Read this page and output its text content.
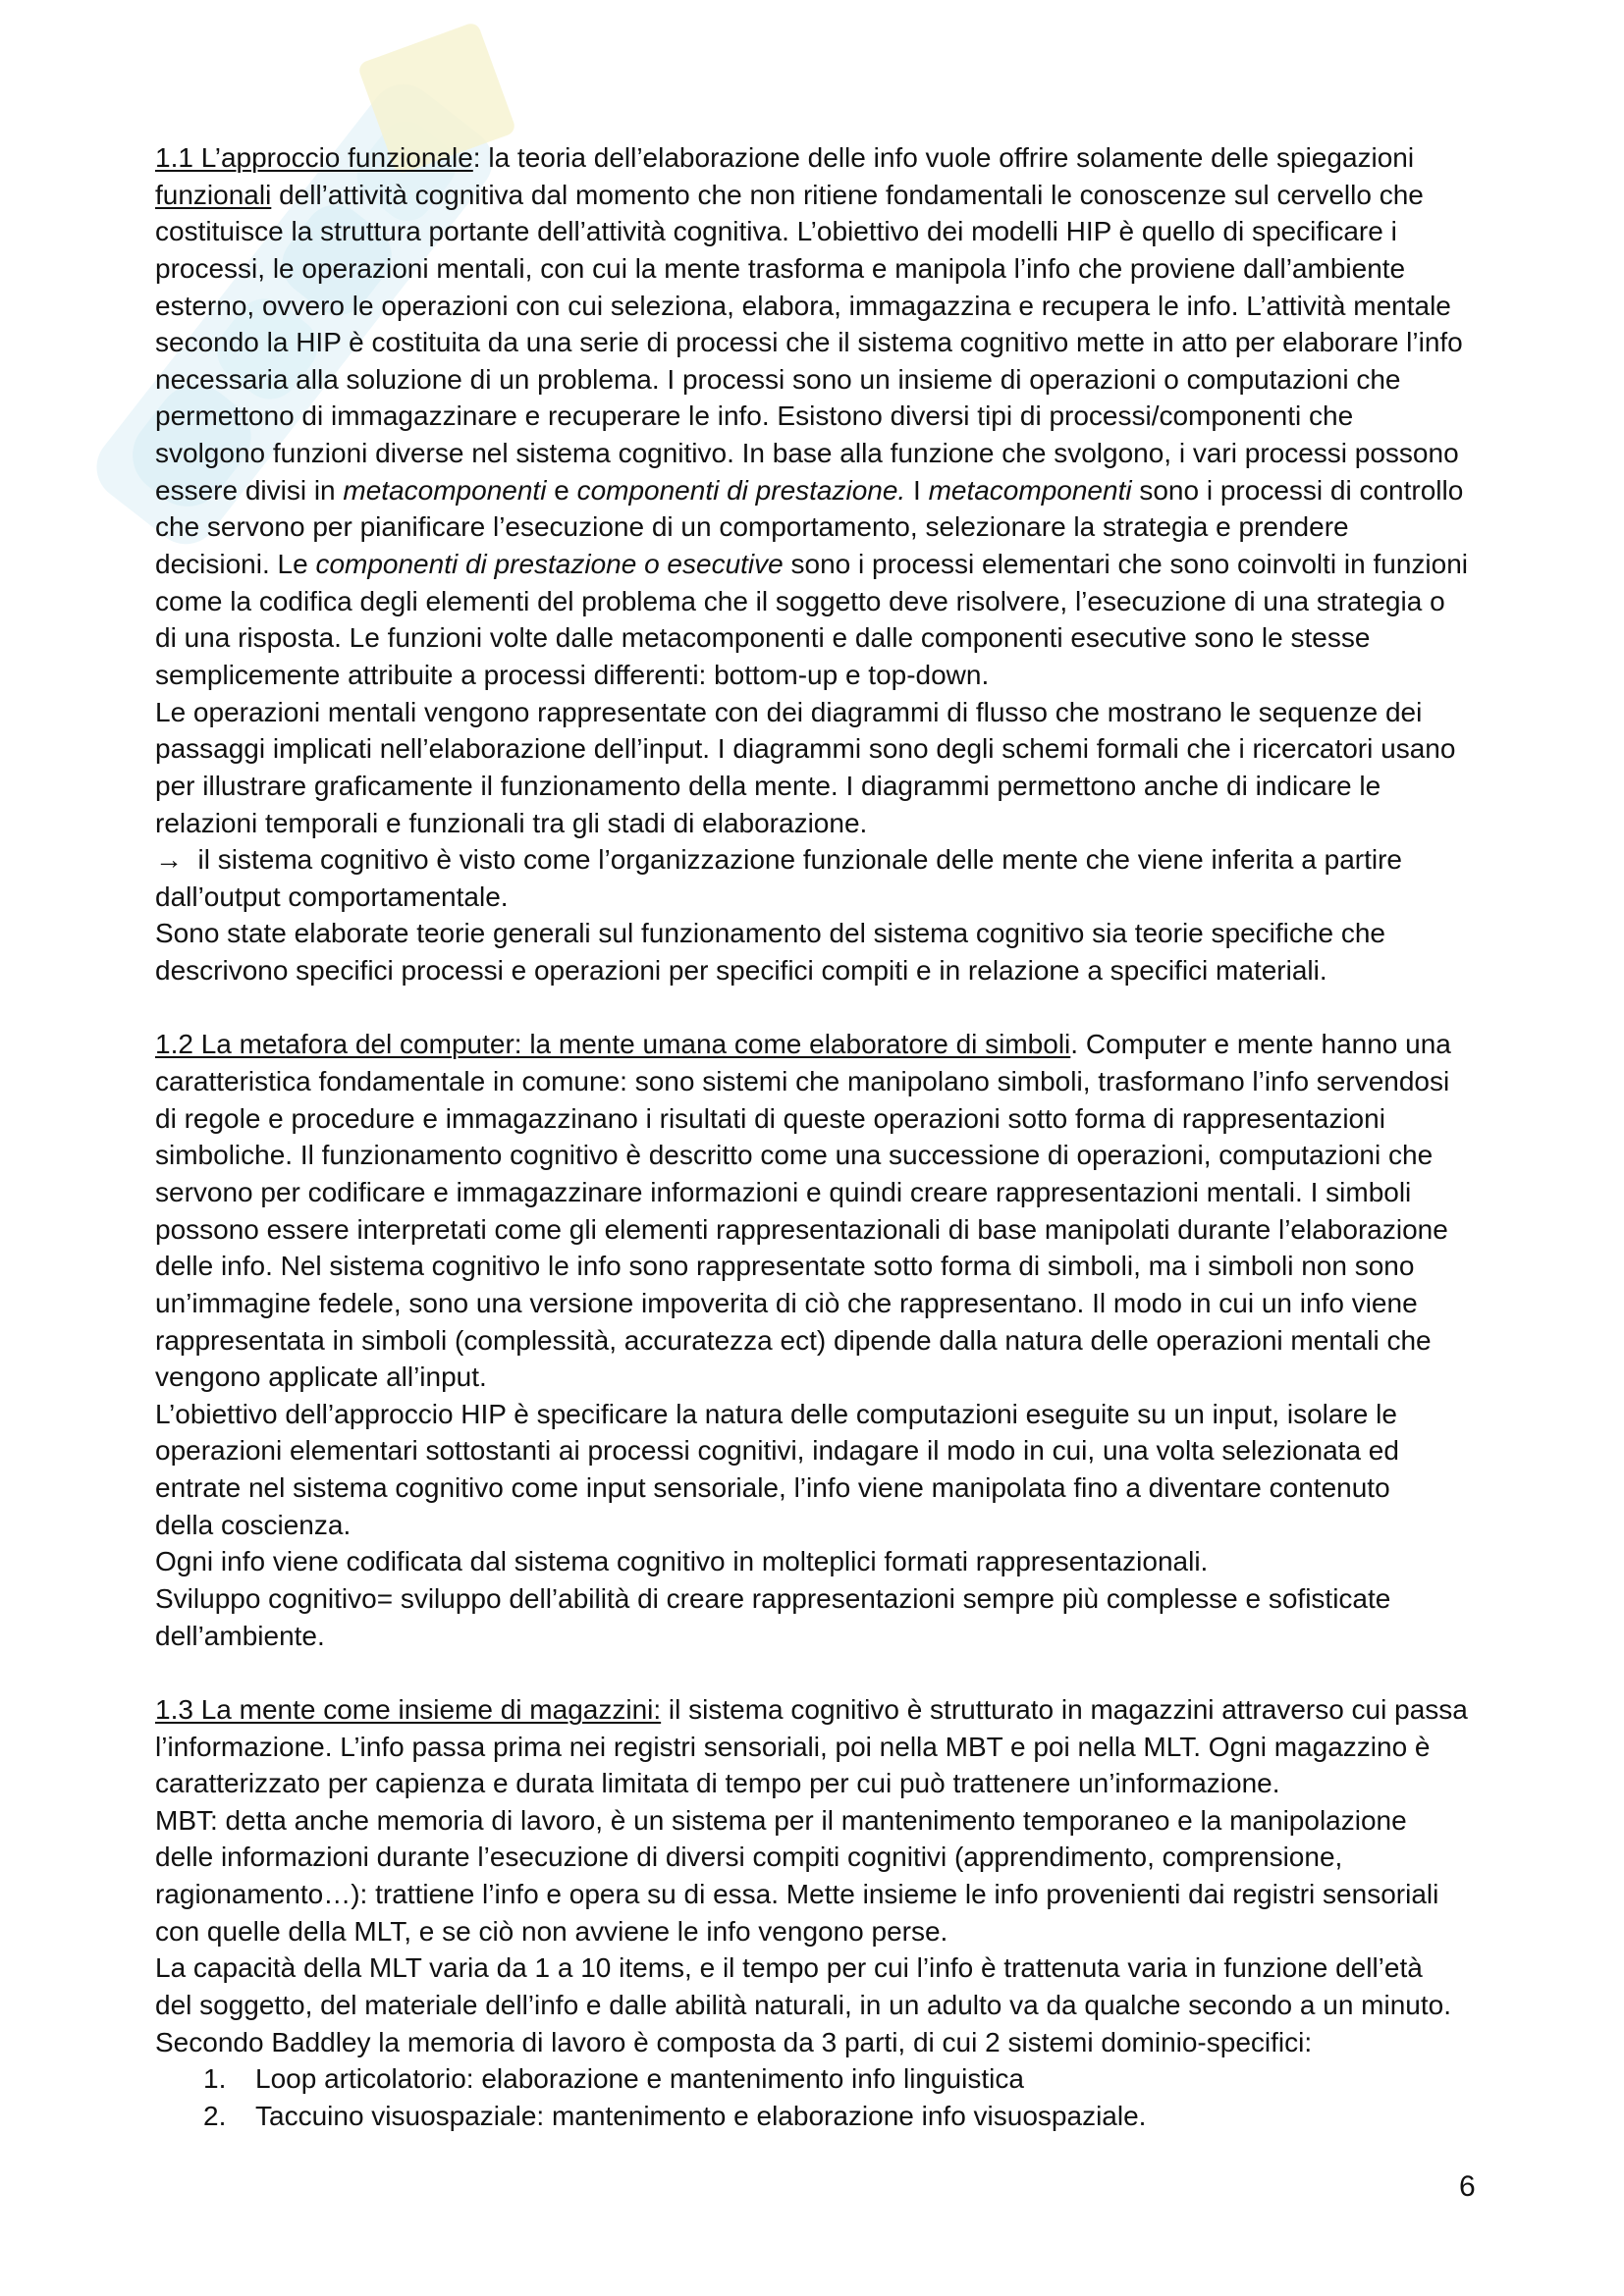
1.1 L’approccio funzionale: la teoria dell’elaborazione delle info vuole offrire solamente delle spiegazioni
funzionali dell’attività cognitiva dal momento che non ritiene fondamentali le conoscenze sul cervello che
costituisce la struttura portante dell’attività cognitiva. L’obiettivo dei modelli HIP è quello di specificare i
processi, le operazioni mentali, con cui la mente trasforma e manipola l’info che proviene dall’ambiente
esterno, ovvero le operazioni con cui seleziona, elabora, immagazzina e recupera le info. L’attività mentale
secondo la HIP è costituita da una serie di processi che il sistema cognitivo mette in atto per elaborare l’info
necessaria alla soluzione di un problema. I processi sono un insieme di operazioni o computazioni che
permettono di immagazzinare e recuperare le info. Esistono diversi tipi di processi/componenti che
svolgono funzioni diverse nel sistema cognitivo. In base alla funzione che svolgono, i vari processi possono
essere divisi in metacomponenti e componenti di prestazione. I metacomponenti sono i processi di controllo
che servono per pianificare l’esecuzione di un comportamento, selezionare la strategia e prendere
decisioni. Le componenti di prestazione o esecutive sono i processi elementari che sono coinvolti in funzioni
come la codifica degli elementi del problema che il soggetto deve risolvere, l’esecuzione di una strategia o
di una risposta. Le funzioni volte dalle metacomponenti e dalle componenti esecutive sono le stesse
semplicemente attribuite a processi differenti: bottom-up e top-down.
Le operazioni mentali vengono rappresentate con dei diagrammi di flusso che mostrano le sequenze dei
passaggi implicati nell’elaborazione dell’input. I diagrammi sono degli schemi formali che i ricercatori usano
per illustrare graficamente il funzionamento della mente. I diagrammi permettono anche di indicare le
relazioni temporali e funzionali tra gli stadi di elaborazione.
→  il sistema cognitivo è visto come l’organizzazione funzionale delle mente che viene inferita a partire
dall’output comportamentale.
Sono state elaborate teorie generali sul funzionamento del sistema cognitivo sia teorie specifiche che
descrivono specifici processi e operazioni per specifici compiti e in relazione a specifici materiali.
1.2 La metafora del computer: la mente umana come elaboratore di simboli. Computer e mente hanno una
caratteristica fondamentale in comune: sono sistemi che manipolano simboli, trasformano l’info servendosi
di regole e procedure e immagazzinano i risultati di queste operazioni sotto forma di rappresentazioni
simboliche. Il funzionamento cognitivo è descritto come una successione di operazioni, computazioni che
servono per codificare e immagazzinare informazioni e quindi creare rappresentazioni mentali. I simboli
possono essere interpretati come gli elementi rappresentazionali di base manipolati durante l’elaborazione
delle info. Nel sistema cognitivo le info sono rappresentate sotto forma di simboli, ma i simboli non sono
un’immagine fedele, sono una versione impoverita di ciò che rappresentano. Il modo in cui un info viene
rappresentata in simboli (complessità, accuratezza ect) dipende dalla natura delle operazioni mentali che
vengono applicate all’input.
L’obiettivo dell’approccio HIP è specificare la natura delle computazioni eseguite su un input, isolare le
operazioni elementari sottostanti ai processi cognitivi, indagare il modo in cui, una volta selezionata ed
entrate nel sistema cognitivo come input sensoriale, l’info viene manipolata fino a diventare contenuto
della coscienza.
Ogni info viene codificata dal sistema cognitivo in molteplici formati rappresentazionali.
Sviluppo cognitivo= sviluppo dell’abilità di creare rappresentazioni sempre più complesse e sofisticate
dell’ambiente.
1.3 La mente come insieme di magazzini: il sistema cognitivo è strutturato in magazzini attraverso cui passa
l’informazione. L’info passa prima nei registri sensoriali, poi nella MBT e poi nella MLT. Ogni magazzino è
caratterizzato per capienza e durata limitata di tempo per cui può trattenere un’informazione.
MBT: detta anche memoria di lavoro, è un sistema per il mantenimento temporaneo e la manipolazione
delle informazioni durante l’esecuzione di diversi compiti cognitivi (apprendimento, comprensione,
ragionamento…): trattiene l’info e opera su di essa. Mette insieme le info provenienti dai registri sensoriali
con quelle della MLT, e se ciò non avviene le info vengono perse.
La capacità della MLT varia da 1 a 10 items, e il tempo per cui l’info è trattenuta varia in funzione dell’età
del soggetto, del materiale dell’info e dalle abilità naturali, in un adulto va da qualche secondo a un minuto.
Secondo Baddley la memoria di lavoro è composta da 3 parti, di cui 2 sistemi dominio-specifici:
1. Loop articolatorio: elaborazione e mantenimento info linguistica
2. Taccuino visuospaziale: mantenimento e elaborazione info visuospaziale.
6
